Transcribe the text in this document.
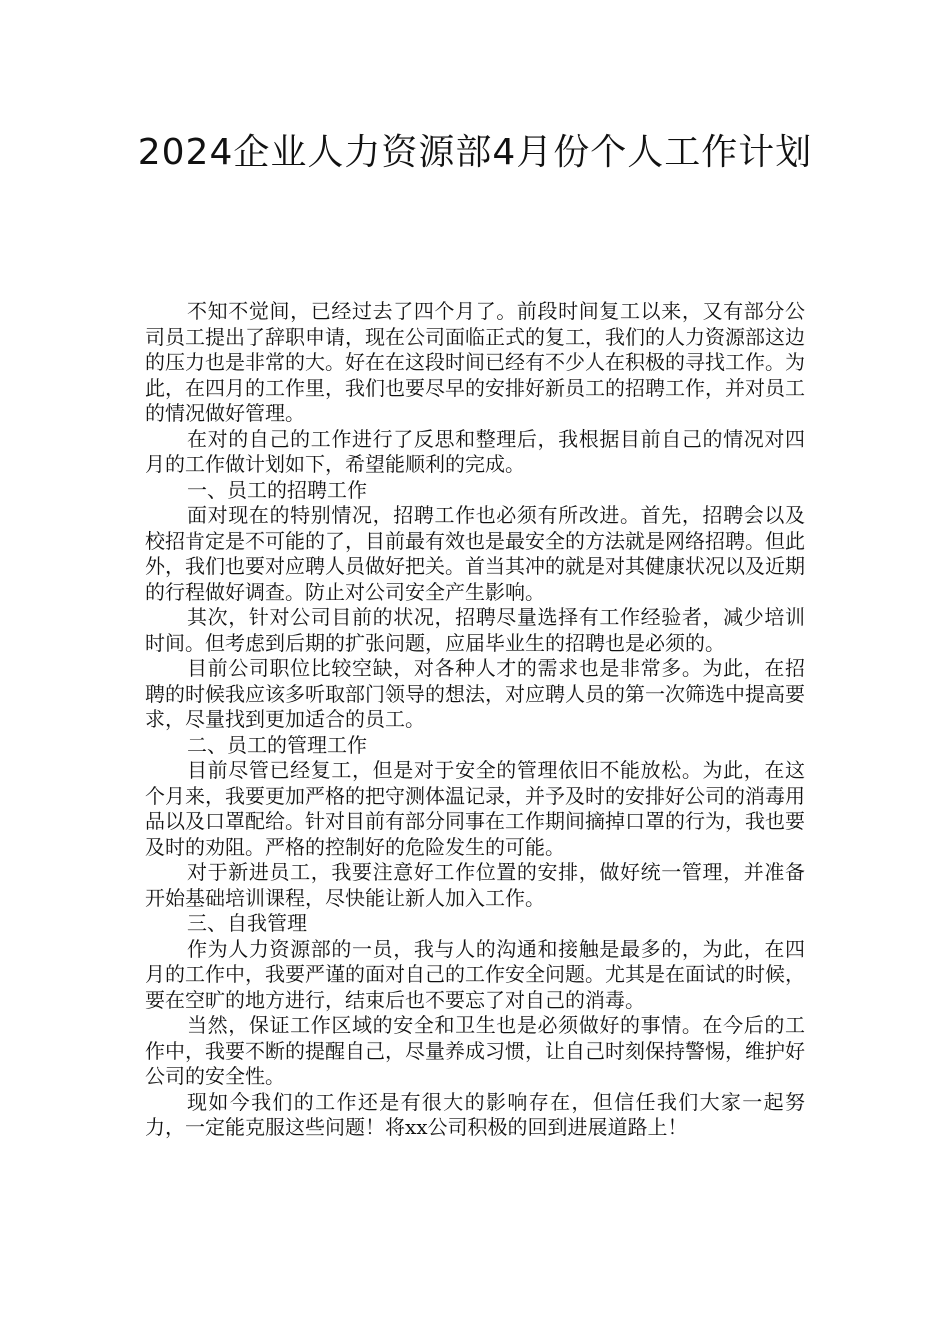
2024企业人力资源部4月份个人工作计划

不知不觉间，已经过去了四个月了。前段时间复工以来，又有部分公司员工提出了辞职申请，现在公司面临正式的复工，我们的人力资源部这边的压力也是非常的大。好在在这段时间已经有不少人在积极的寻找工作。为此，在四月的工作里，我们也要尽早的安排好新员工的招聘工作，并对员工的情况做好管理。

在对的自己的工作进行了反思和整理后，我根据目前自己的情况对四月的工作做计划如下，希望能顺利的完成。

一、员工的招聘工作

面对现在的特别情况，招聘工作也必须有所改进。首先，招聘会以及校招肯定是不可能的了，目前最有效也是最安全的方法就是网络招聘。但此外，我们也要对应聘人员做好把关。首当其冲的就是对其健康状况以及近期的行程做好调查。防止对公司安全产生影响。

其次，针对公司目前的状况，招聘尽量选择有工作经验者，减少培训时间。但考虑到后期的扩张问题，应届毕业生的招聘也是必须的。

目前公司职位比较空缺，对各种人才的需求也是非常多。为此，在招聘的时候我应该多听取部门领导的想法，对应聘人员的第一次筛选中提高要求，尽量找到更加适合的员工。

二、员工的管理工作

目前尽管已经复工，但是对于安全的管理依旧不能放松。为此，在这个月来，我要更加严格的把守测体温记录，并予及时的安排好公司的消毒用品以及口罩配给。针对目前有部分同事在工作期间摘掉口罩的行为，我也要及时的劝阻。严格的控制好的危险发生的可能。

对于新进员工，我要注意好工作位置的安排，做好统一管理，并准备开始基础培训课程，尽快能让新人加入工作。

三、自我管理

作为人力资源部的一员，我与人的沟通和接触是最多的，为此，在四月的工作中，我要严谨的面对自己的工作安全问题。尤其是在面试的时候，要在空旷的地方进行，结束后也不要忘了对自己的消毒。

当然，保证工作区域的安全和卫生也是必须做好的事情。在今后的工作中，我要不断的提醒自己，尽量养成习惯，让自己时刻保持警惕，维护好公司的安全性。

现如今我们的工作还是有很大的影响存在，但信任我们大家一起努力，一定能克服这些问题！将xx公司积极的回到进展道路上！
